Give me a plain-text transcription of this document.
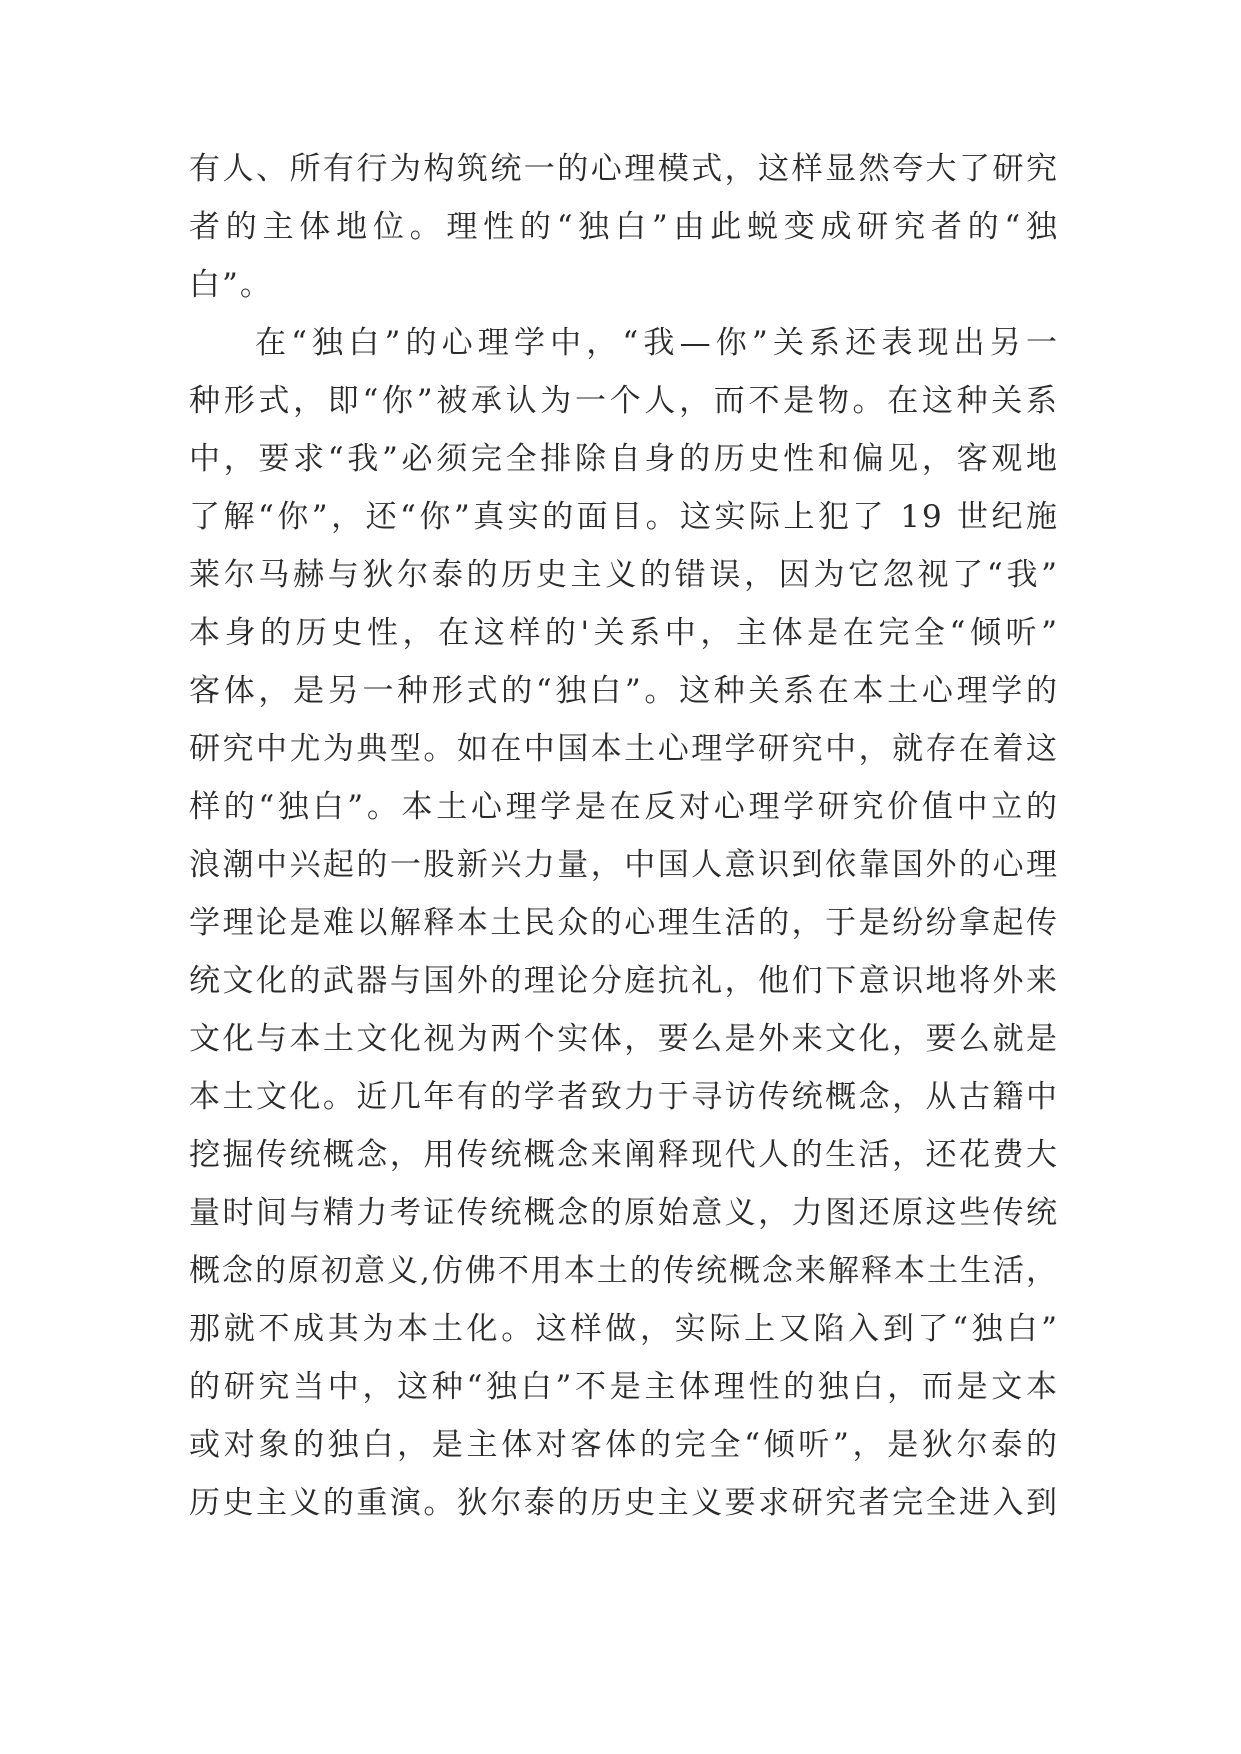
有人、所有行为构筑统一的心理模式，这样显然夸大了研究
者的主体地位。理性的“独白”由此蜕变成研究者的“独
白”。
在“独白”的心理学中，“我—你”关系还表现出另一
种形式，即“你”被承认为一个人，而不是物。在这种关系
中，要求“我”必须完全排除自身的历史性和偏见，客观地
了解“你”，还“你”真实的面目。这实际上犯了 19 世纪施
莱尔马赫与狄尔泰的历史主义的错误，因为它忽视了“我”
本身的历史性，在这样的'关系中，主体是在完全“倾听”
客体，是另一种形式的“独白”。这种关系在本土心理学的
研究中尤为典型。如在中国本土心理学研究中，就存在着这
样的“独白”。本土心理学是在反对心理学研究价值中立的
浪潮中兴起的一股新兴力量，中国人意识到依靠国外的心理
学理论是难以解释本土民众的心理生活的，于是纷纷拿起传
统文化的武器与国外的理论分庭抗礼，他们下意识地将外来
文化与本土文化视为两个实体，要么是外来文化，要么就是
本土文化。近几年有的学者致力于寻访传统概念，从古籍中
挖掘传统概念，用传统概念来阐释现代人的生活，还花费大
量时间与精力考证传统概念的原始意义，力图还原这些传统
概念的原初意义,仿佛不用本土的传统概念来解释本土生活，
那就不成其为本土化。这样做，实际上又陷入到了“独白”
的研究当中，这种“独白”不是主体理性的独白，而是文本
或对象的独白，是主体对客体的完全“倾听”，是狄尔泰的
历史主义的重演。狄尔泰的历史主义要求研究者完全进入到
